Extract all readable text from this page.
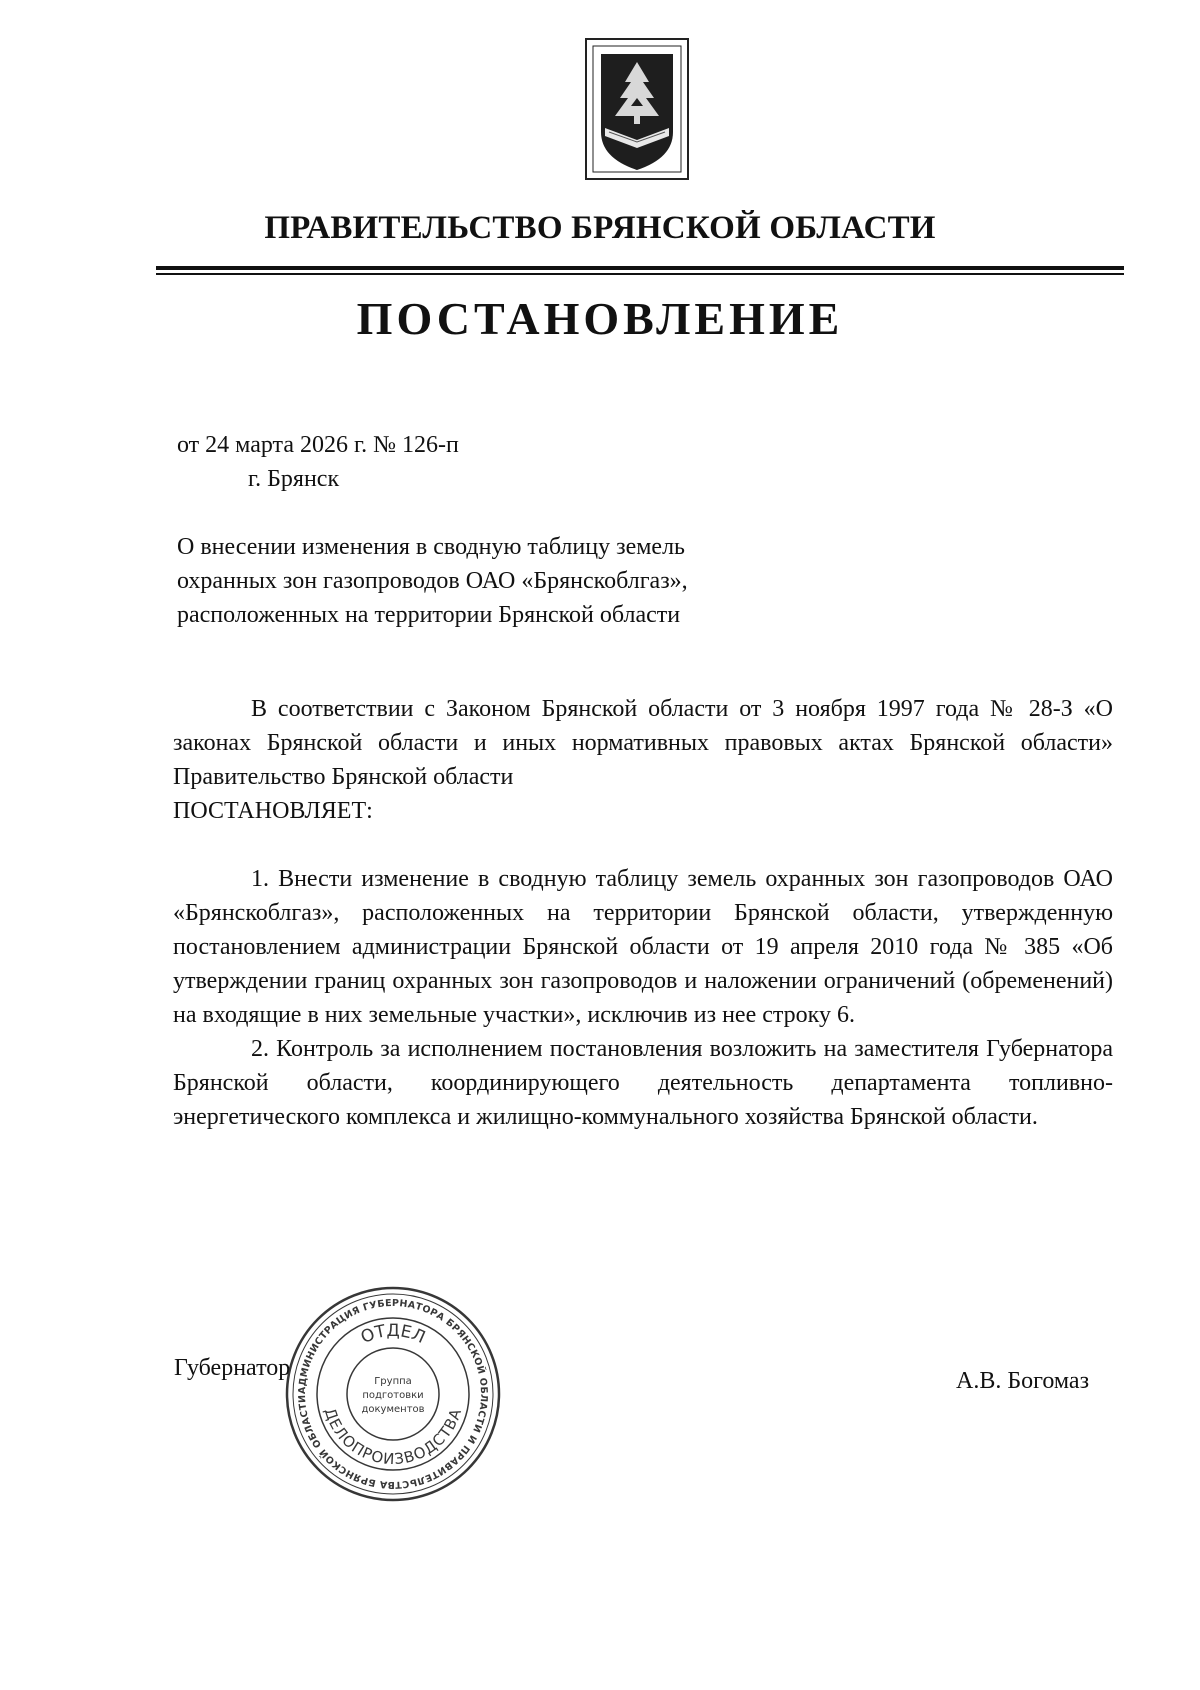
ПРАВИТЕЛЬСТВО БРЯНСКОЙ ОБЛАСТИ
ПОСТАНОВЛЕНИЕ
от 24 марта 2026 г. № 126-п
г. Брянск
О внесении изменения в сводную таблицу земель
охранных зон газопроводов ОАО «Брянскоблгаз»,
расположенных на территории Брянской области

В соответствии с Законом Брянской области от 3 ноября 1997 года № 28-З «О законах Брянской области и иных нормативных правовых актах Брянской области» Правительство Брянской области

ПОСТАНОВЛЯЕТ:

1. Внести изменение в сводную таблицу земель охранных зон газопроводов ОАО «Брянскоблгаз», расположенных на территории Брянской области, утвержденную постановлением администрации Брянской области от 19 апреля 2010 года № 385 «Об утверждении границ охранных зон газопроводов и наложении ограничений (обременений) на входящие в них земельные участки», исключив из нее строку 6.

2. Контроль за исполнением постановления возложить на заместителя Губернатора Брянской области, координирующего деятельность департамента топливно-энергетического комплекса и жилищно-коммунального хозяйства Брянской области.

Губернатор	А.В. Богомаз
АДМИНИСТРАЦИЯ ГУБЕРНАТОРА БРЯНСКОЙ ОБЛАСТИ И ПРАВИТЕЛЬСТВА БРЯНСКОЙ ОБЛАСТИ
ОТДЕЛ
ДЕЛОПРОИЗВОДСТВА
Группа
подготовки
документов
